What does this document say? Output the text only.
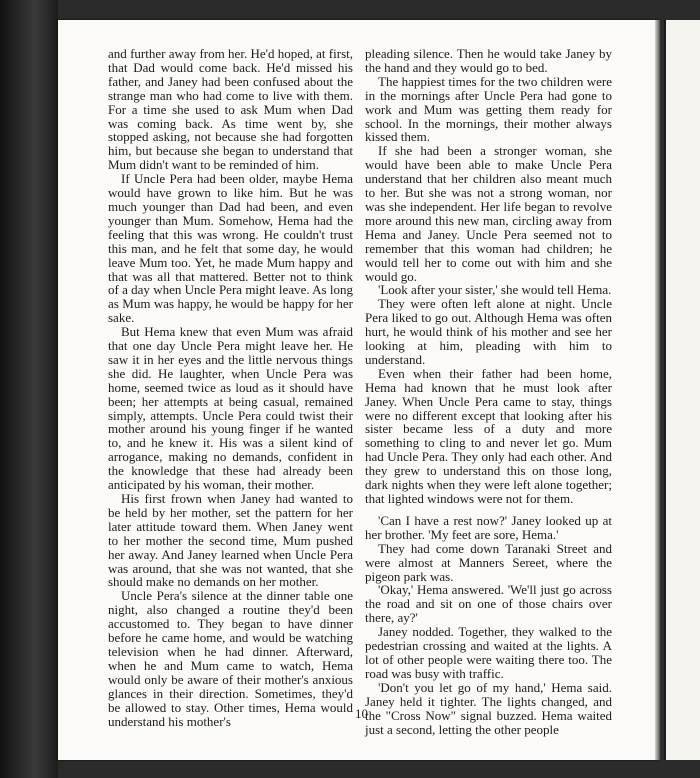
and further away from her. He'd hoped, at first, that Dad would come back. He'd missed his father, and Janey had been confused about the strange man who had come to live with them. For a time she used to ask Mum when Dad was coming back. As time went by, she stopped asking, not because she had forgotten him, but because she began to understand that Mum didn't want to be reminded of him.

If Uncle Pera had been older, maybe Hema would have grown to like him. But he was much younger than Dad had been, and even younger than Mum. Somehow, Hema had the feeling that this was wrong. He couldn't trust this man, and he felt that some day, he would leave Mum too. Yet, he made Mum happy and that was all that mattered. Better not to think of a day when Uncle Pera might leave. As long as Mum was happy, he would be happy for her sake.

But Hema knew that even Mum was afraid that one day Uncle Pera might leave her. He saw it in her eyes and the little nervous things she did. He laughter, when Uncle Pera was home, seemed twice as loud as it should have been; her attempts at being casual, remained simply, attempts. Uncle Pera could twist their mother around his young finger if he wanted to, and he knew it. His was a silent kind of arrogance, making no demands, confident in the knowledge that these had already been anticipated by his woman, their mother.

His first frown when Janey had wanted to be held by her mother, set the pattern for her later attitude toward them. When Janey went to her mother the second time, Mum pushed her away. And Janey learned when Uncle Pera was around, that she was not wanted, that she should make no demands on her mother.

Uncle Pera's silence at the dinner table one night, also changed a routine they'd been accustomed to. They began to have dinner before he came home, and would be watching television when he had dinner. Afterward, when he and Mum came to watch, Hema would only be aware of their mother's anxious glances in their direction. Sometimes, they'd be allowed to stay. Other times, Hema would understand his mother's

pleading silence. Then he would take Janey by the hand and they would go to bed.

The happiest times for the two children were in the mornings after Uncle Pera had gone to work and Mum was getting them ready for school. In the mornings, their mother always kissed them.

If she had been a stronger woman, she would have been able to make Uncle Pera understand that her children also meant much to her. But she was not a strong woman, nor was she independent. Her life began to revolve more around this new man, circling away from Hema and Janey. Uncle Pera seemed not to remember that this woman had children; he would tell her to come out with him and she would go.

'Look after your sister,' she would tell Hema.

They were often left alone at night. Uncle Pera liked to go out. Although Hema was often hurt, he would think of his mother and see her looking at him, pleading with him to understand.

Even when their father had been home, Hema had known that he must look after Janey. When Uncle Pera came to stay, things were no different except that looking after his sister became less of a duty and more something to cling to and never let go. Mum had Uncle Pera. They only had each other. And they grew to understand this on those long, dark nights when they were left alone together; that lighted windows were not for them.

'Can I have a rest now?' Janey looked up at her brother. 'My feet are sore, Hema.'

They had come down Taranaki Street and were almost at Manners Sereet, where the pigeon park was.

'Okay,' Hema answered. 'We'll just go across the road and sit on one of those chairs over there, ay?'

Janey nodded. Together, they walked to the pedestrian crossing and waited at the lights. A lot of other people were waiting there too. The road was busy with traffic.

'Don't you let go of my hand,' Hema said. Janey held it tighter. The lights changed, and the "Cross Now" signal buzzed. Hema waited just a second, letting the other people

10
